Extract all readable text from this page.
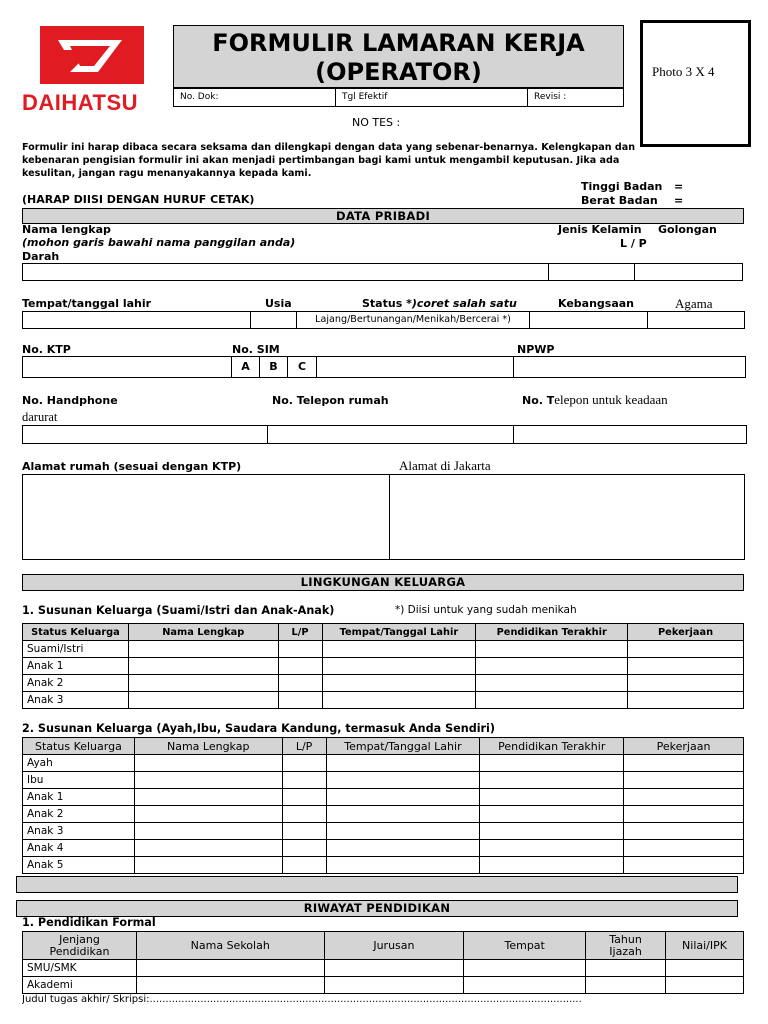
DAIHATSU
FORMULIR LAMARAN KERJA
(OPERATOR)
No. Dok:	Tgl Efektif	Revisi :
Photo 3 X 4
NO TES :
Formulir ini harap dibaca secara seksama dan dilengkapi dengan data yang sebenar-benarnya. Kelengkapan dan kebenaran pengisian formulir ini akan menjadi pertimbangan bagi kami untuk mengambil keputusan. Jika ada kesulitan, jangan ragu menanyakannya kepada kami.
Tinggi Badan =
Berat Badan =
(HARAP DIISI DENGAN HURUF CETAK)
DATA PRIBADI
Nama lengkap
(mohon garis bawahi nama panggilan anda)
Darah
Jenis Kelamin
L / P
Golongan
Tempat/tanggal lahir	Usia	Status *)coret salah satu	Kebangsaan	Agama
Lajang/Bertunangan/Menikah/Bercerai *)
No. KTP	No. SIM	NPWP
A	B	C
No. Handphone	No. Telepon rumah	No. Telepon untuk keadaan
darurat
Alamat rumah (sesuai dengan KTP)	Alamat di Jakarta
LINGKUNGAN KELUARGA
1. Susunan Keluarga (Suami/Istri dan Anak-Anak)	*) Diisi untuk yang sudah menikah
Status Keluarga	Nama Lengkap	L/P	Tempat/Tanggal Lahir	Pendidikan Terakhir	Pekerjaan
Suami/Istri					
Anak 1					
Anak 2					
Anak 3					
2. Susunan Keluarga (Ayah,Ibu, Saudara Kandung, termasuk Anda Sendiri)
Status Keluarga	Nama Lengkap	L/P	Tempat/Tanggal Lahir	Pendidikan Terakhir	Pekerjaan
Ayah					
Ibu					
Anak 1					
Anak 2					
Anak 3					
Anak 4					
Anak 5					
RIWAYAT PENDIDIKAN
1. Pendidikan Formal
Jenjang Pendidikan	Nama Sekolah	Jurusan	Tempat	Tahun Ijazah	Nilai/IPK
SMU/SMK					
Akademi					
Judul tugas akhir/ Skripsi:........................................................................................................................................
